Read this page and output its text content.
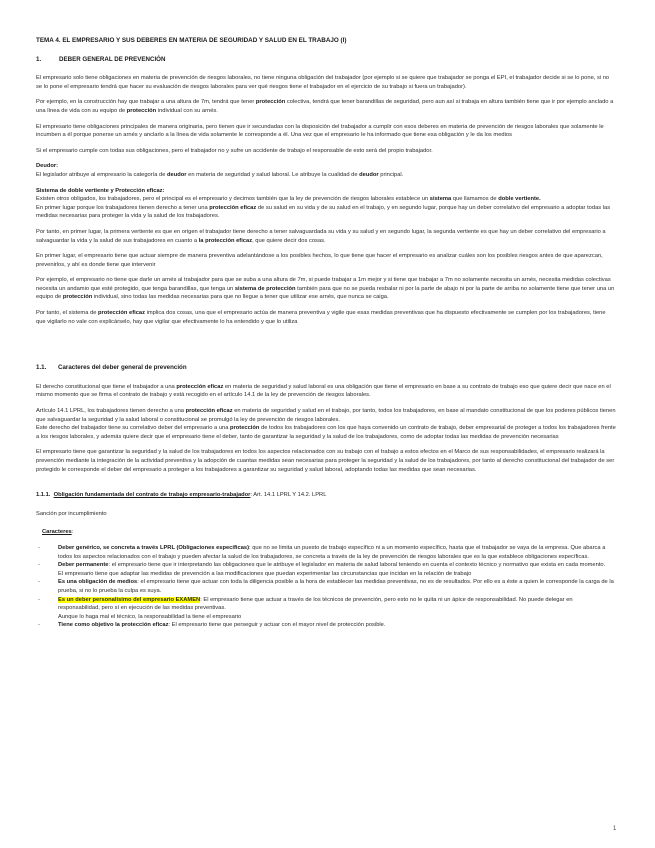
TEMA 4. EL EMPRESARIO Y SUS DEBERES EN MATERIA DE SEGURIDAD Y SALUD EN EL TRABAJO (I)

1.	DEBER GENERAL DE PREVENCIÓN

El empresario solo tiene obligaciones en materia de prevención de riesgos laborales, no tiene ninguna obligación del trabajador (por ejemplo si se quiere que trabajador se ponga el EPI, el trabajador decide si se lo pone, si no se lo pone el empresario tendrá que hacer su evaluación de riesgos laborales para ver qué riesgos tiene el trabajador en el ejercicio de su trabajo si fuera un trabajador).

Por ejemplo, en la construcción hay que trabajar a una altura de 7m, tendrá que tener protección colectiva, tendrá que tener barandillas de seguridad, pero aun así si trabaja en altura también tiene que ir por ejemplo anclado a una línea de vida con su equipo de protección individual con su arnés.

El empresario tiene obligaciones principales de manera originaria, pero tienen que ir secundadas con la disposición del trabajador a cumplir con esos deberes en materia de prevención de riesgos laborales que solamente le incumben a él porque ponerse un arnés y anclarlo a la línea de vida solamente le corresponde a él. Una vez que el empresario le ha informado que tiene esa obligación y le da los medios

Si el empresario cumple con todas sus obligaciones, pero el trabajador no y sufre un accidente de trabajo el responsable de esto será del propio trabajador.

Deudor:

El legislador atribuye al empresario la categoría de deudor en materia de seguridad y salud laboral. Le atribuye la cualidad de deudor principal.

Sistema de doble vertiente y Protección eficaz:

Existen otros obligados, los trabajadores, pero el principal es el empresario y decimos también que la ley de prevención de riesgos laborales establece un sistema que llamamos de doble vertiente.

En primer lugar porque los trabajadores tienen derecho a tener una protección eficaz de su salud en su vida y de su salud en el trabajo, y en segundo lugar, porque hay un deber correlativo del empresario a adoptar todas las medidas necesarias para proteger la vida y la salud de los trabajadores.

Por tanto, en primer lugar, la primera vertiente es que en origen el trabajador tiene derecho a tener salvaguardada su vida y su salud y en segundo lugar, la segunda vertiente es que hay un deber correlativo del empresario a salvaguardar la vida y la salud de sus trabajadores en cuanto a la protección eficaz, que quiere decir dos cosas.

En primer lugar, el empresario tiene que actuar siempre de manera preventiva adelantándose a los posibles hechos, lo que tiene que hacer el empresario es analizar cuáles son los posibles riesgos antes de que aparezcan, prevenirlos, y ahí es donde tiene que intervenir

Por ejemplo, el empresario no tiene que darle un arnés al trabajador para que se suba a una altura de 7m, si puede trabajar a 1m mejor y si tiene que trabajar a 7m no solamente necesita un arnés, necesita medidas colectivas necesita un andamio que esté protegido, que tenga barandillas, que tenga un sistema de protección también para que no se pueda resbalar ni por la parte de abajo ni por la parte de arriba no solamente tiene que tener una un equipo de protección individual, sino todas las medidas necesarias para que no llegue a tener que utilizar ese arnés, que nunca se caiga.

Por tanto, el sistema de protección eficaz implica dos cosas, una que el empresario actúa de manera preventiva y vigile que esas medidas preventivas que ha dispuesto efectivamente se cumplen por los trabajadores, tiene que vigilarlo no vale con explicárselo, hay que vigilar que efectivamente lo ha entendido y que lo utiliza

1.1. Caracteres del deber general de prevención

El derecho constitucional que tiene el trabajador a una protección eficaz en materia de seguridad y salud laboral es una obligación que tiene el empresario en base a su contrato de trabajo eso que quiere decir que nace en el mismo momento que se firma el contrato de trabajo y está recogido en el artículo 14.1 de la ley de prevención de riesgos laborales.

Artículo 14.1 LPRL, los trabajadores tienen derecho a una protección eficaz en materia de seguridad y salud en el trabajo, por tanto, todos los trabajadores, en base al mandato constitucional de que los poderes públicos tienen que salvaguardar la seguridad y la salud laboral o constitucional se promulgó la ley de prevención de riesgos laborales.

Este derecho del trabajador tiene su correlativo deber del empresario a una protección de todos los trabajadores con los que haya convenido un contrato de trabajo, deber empresarial de proteger a todos los trabajadores frente a los riesgos laborales, y además quiere decir que el empresario tiene el deber, tanto de garantizar la seguridad y la salud de los trabajadores, como de adoptar todas las medidas de prevención necesarias

El empresario tiene que garantizar la seguridad y la salud de los trabajadores en todos los aspectos relacionados con su trabajo con el trabajo a estos efectos en el Marco de sus responsabilidades, el empresario realizará la prevención mediante la integración de la actividad preventiva y la adopción de cuantas medidas sean necesarias para proteger la seguridad y la salud de los trabajadores, por tanto al derecho constitucional del trabajador de ser protegido le corresponde el deber del empresario a proteger a los trabajadores a garantizar su seguridad y salud laboral, adoptando todas las medidas que sean necesarias.

1.1.1. Obligación fundamentada del contrato de trabajo empresario-trabajador: Art. 14.1 LPRL Y 14.2. LPRL

Sanción por incumplimiento

Caracteres:

-	Deber genérico, se concreta a través LPRL (Obligaciones específicas): que no se limita un puesto de trabajo específico ni a un momento específico, hasta que el trabajador se vaya de la empresa. Que abarca a todos los aspectos relacionados con el trabajo y pueden afectar la salud de los trabajadores, se concreta a través de la ley de prevención de riesgos laborales que es la que establece obligaciones específicas.

-	Deber permanente: el empresario tiene que ir interpretando las obligaciones que le atribuye el legislador en materia de salud laboral teniendo en cuenta el contexto técnico y normativo que exista en cada momento.
El empresario tiene que adaptar las medidas de prevención a las modificaciones que puedan experimentar las circunstancias que incidan en la relación de trabajo

-	Es una obligación de medios: el empresario tiene que actuar con toda la diligencia posible a la hora de establecer las medidas preventivas, no es de resultados. Por ello es a éste a quien le corresponde la carga de la prueba, si no lo prueba la culpa es suya.

-	Es un deber personalísimo del empresario EXAMEN: El empresario tiene que actuar a través de los técnicos de prevención, pero esto no le quita ni un ápice de responsabilidad. No puede delegar en responsabilidad, pero sí en ejecución de las medidas preventivas.
Aunque lo haga mal el técnico, la responsabilidad la tiene el empresario

-	Tiene como objetivo la protección eficaz: El empresario tiene que perseguir y actuar con el mayor nivel de protección posible.

1
